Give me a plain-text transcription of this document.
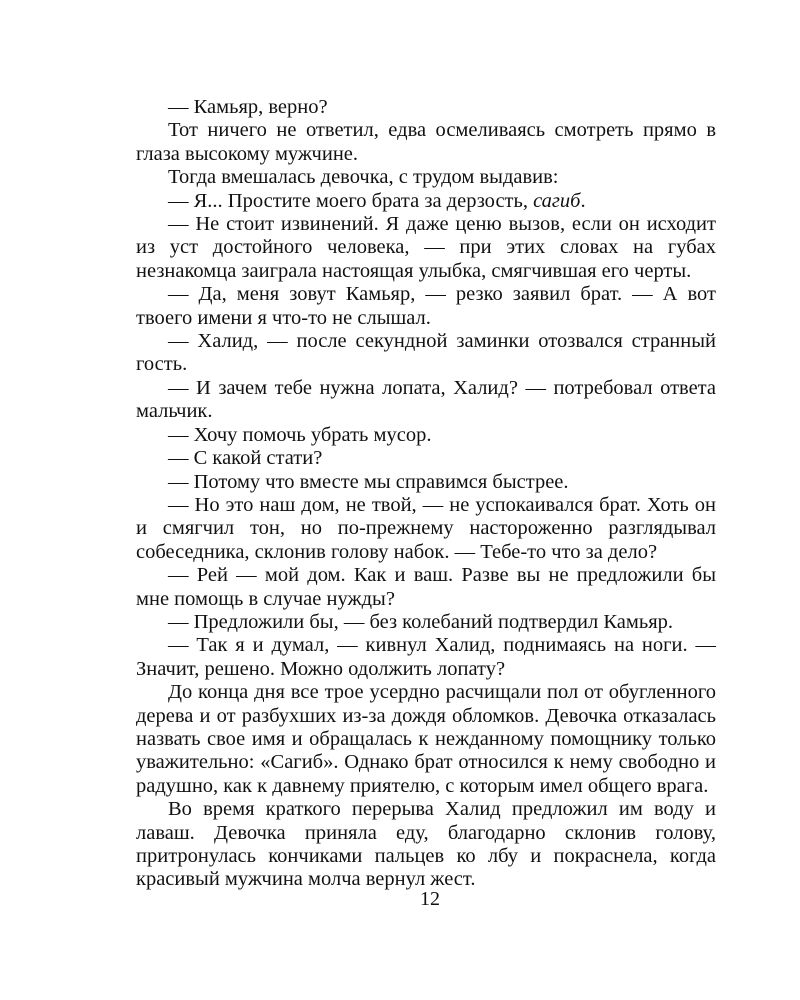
— Камьяр, верно?

Тот ничего не ответил, едва осмеливаясь смотреть прямо в глаза высокому мужчине.

Тогда вмешалась девочка, с трудом выдавив:

— Я... Простите моего брата за дерзость, сагиб.

— Не стоит извинений. Я даже ценю вызов, если он исходит из уст достойного человека, — при этих словах на губах незнакомца заиграла настоящая улыбка, смягчившая его черты.

— Да, меня зовут Камьяр, — резко заявил брат. — А вот твоего имени я что-то не слышал.

— Халид, — после секундной заминки отозвался странный гость.

— И зачем тебе нужна лопата, Халид? — потребовал ответа мальчик.

— Хочу помочь убрать мусор.

— С какой стати?

— Потому что вместе мы справимся быстрее.

— Но это наш дом, не твой, — не успокаивался брат. Хоть он и смягчил тон, но по-прежнему настороженно разглядывал собеседника, склонив голову набок. — Тебе-то что за дело?

— Рей — мой дом. Как и ваш. Разве вы не предложили бы мне помощь в случае нужды?

— Предложили бы, — без колебаний подтвердил Камьяр.

— Так я и думал, — кивнул Халид, поднимаясь на ноги. — Значит, решено. Можно одолжить лопату?

До конца дня все трое усердно расчищали пол от обугленного дерева и от разбухших из-за дождя обломков. Девочка отказалась назвать свое имя и обращалась к нежданному помощнику только уважительно: «Сагиб». Однако брат относился к нему свободно и радушно, как к давнему приятелю, с которым имел общего врага.

Во время краткого перерыва Халид предложил им воду и лаваш. Девочка приняла еду, благодарно склонив голову, притронулась кончиками пальцев ко лбу и покраснела, когда красивый мужчина молча вернул жест.

12
